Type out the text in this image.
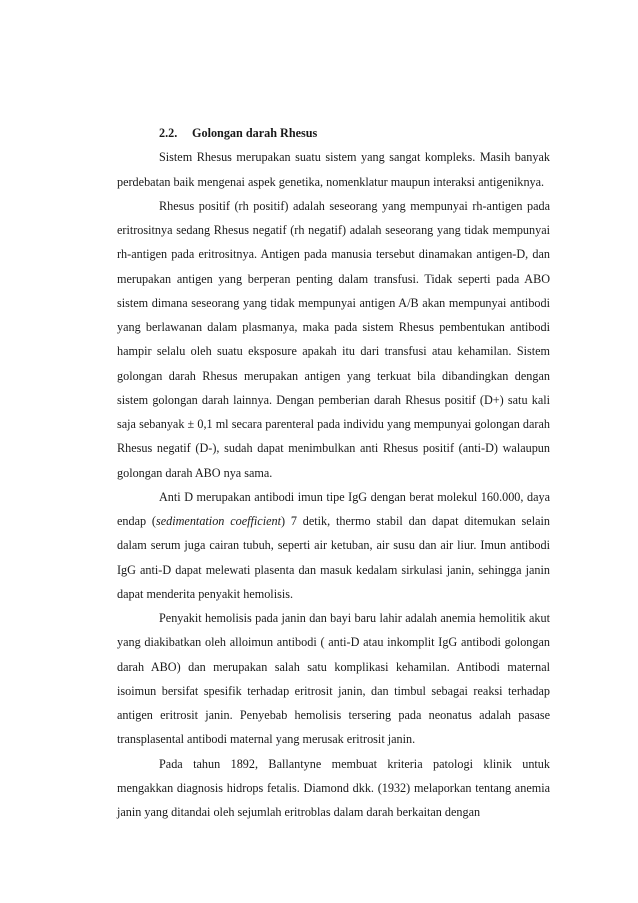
2.2. Golongan darah Rhesus

Sistem Rhesus merupakan suatu sistem yang sangat kompleks. Masih banyak perdebatan baik mengenai aspek genetika, nomenklatur maupun interaksi antigeniknya.

Rhesus positif (rh positif) adalah seseorang yang mempunyai rh-antigen pada eritrositnya sedang Rhesus negatif (rh negatif) adalah seseorang yang tidak mempunyai rh-antigen pada eritrositnya. Antigen pada manusia tersebut dinamakan antigen-D, dan merupakan antigen yang berperan penting dalam transfusi. Tidak seperti pada ABO sistem dimana seseorang yang tidak mempunyai antigen A/B akan mempunyai antibodi yang berlawanan dalam plasmanya, maka pada sistem Rhesus pembentukan antibodi hampir selalu oleh suatu eksposure apakah itu dari transfusi atau kehamilan. Sistem golongan darah Rhesus merupakan antigen yang terkuat bila dibandingkan dengan sistem golongan darah lainnya. Dengan pemberian darah Rhesus positif (D+) satu kali saja sebanyak ± 0,1 ml secara parenteral pada individu yang mempunyai golongan darah Rhesus negatif (D-), sudah dapat menimbulkan anti Rhesus positif (anti-D) walaupun golongan darah ABO nya sama.

Anti D merupakan antibodi imun tipe IgG dengan berat molekul 160.000, daya endap (sedimentation coefficient) 7 detik, thermo stabil dan dapat ditemukan selain dalam serum juga cairan tubuh, seperti air ketuban, air susu dan air liur. Imun antibodi IgG anti-D dapat melewati plasenta dan masuk kedalam sirkulasi janin, sehingga janin dapat menderita penyakit hemolisis.

Penyakit hemolisis pada janin dan bayi baru lahir adalah anemia hemolitik akut yang diakibatkan oleh alloimun antibodi ( anti-D atau inkomplit IgG antibodi golongan darah ABO) dan merupakan salah satu komplikasi kehamilan. Antibodi maternal isoimun bersifat spesifik terhadap eritrosit janin, dan timbul sebagai reaksi terhadap antigen eritrosit janin. Penyebab hemolisis tersering pada neonatus adalah pasase transplasental antibodi maternal yang merusak eritrosit janin.

Pada tahun 1892, Ballantyne membuat kriteria patologi klinik untuk mengakkan diagnosis hidrops fetalis. Diamond dkk. (1932) melaporkan tentang anemia janin yang ditandai oleh sejumlah eritroblas dalam darah berkaitan dengan
